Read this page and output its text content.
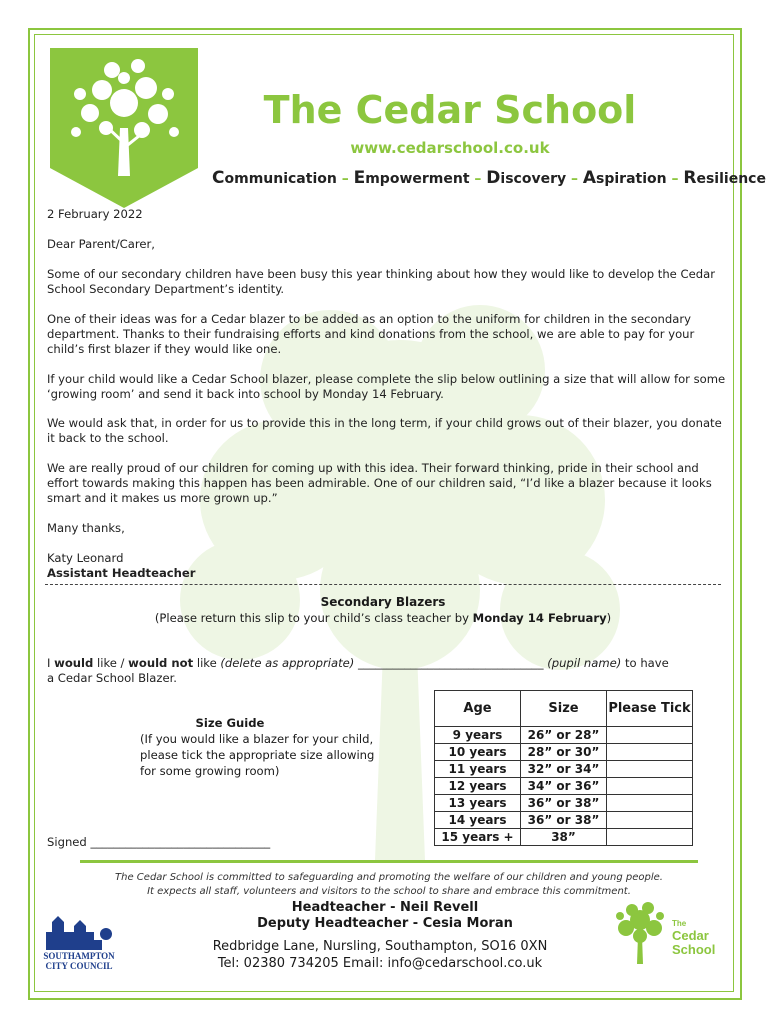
The Cedar School
www.cedarschool.co.uk
Communication – Empowerment – Discovery – Aspiration – Resilience

2 February 2022

Dear Parent/Carer,

Some of our secondary children have been busy this year thinking about how they would like to develop the Cedar School Secondary Department’s identity.

One of their ideas was for a Cedar blazer to be added as an option to the uniform for children in the secondary department. Thanks to their fundraising efforts and kind donations from the school, we are able to pay for your child’s first blazer if they would like one.

If your child would like a Cedar School blazer, please complete the slip below outlining a size that will allow for some ‘growing room’ and send it back into school by Monday 14 February.

We would ask that, in order for us to provide this in the long term, if your child grows out of their blazer, you donate it back to the school.

We are really proud of our children for coming up with this idea. Their forward thinking, pride in their school and effort towards making this happen has been admirable. One of our children said, “I’d like a blazer because it looks smart and it makes us more grown up.”

Many thanks,

Katy Leonard

Assistant Headteacher

Secondary Blazers
(Please return this slip to your child’s class teacher by Monday 14 February)

I would like / would not like (delete as appropriate) ________________________________ (pupil name) to have

a Cedar School Blazer.

Signed _______________________________

Size Guide
(If you would like a blazer for your child, please tick the appropriate size allowing for some growing room)
Age	Size	Please Tick
9 years	26” or 28”	
10 years	28” or 30”	
11 years	32” or 34”	
12 years	34” or 36”	
13 years	36” or 38”	
14 years	36” or 38”	
15 years +	38”	
The Cedar School is committed to safeguarding and promoting the welfare of our children and young people.
It expects all staff, volunteers and visitors to the school to share and embrace this commitment.
Headteacher - Neil Revell
Deputy Headteacher - Cesia Moran
Redbridge Lane, Nursling, Southampton, SO16 0XN
Tel: 02380 734205 Email: info@cedarschool.co.uk
SOUTHAMPTON
CITY COUNCIL
The
Cedar
School
